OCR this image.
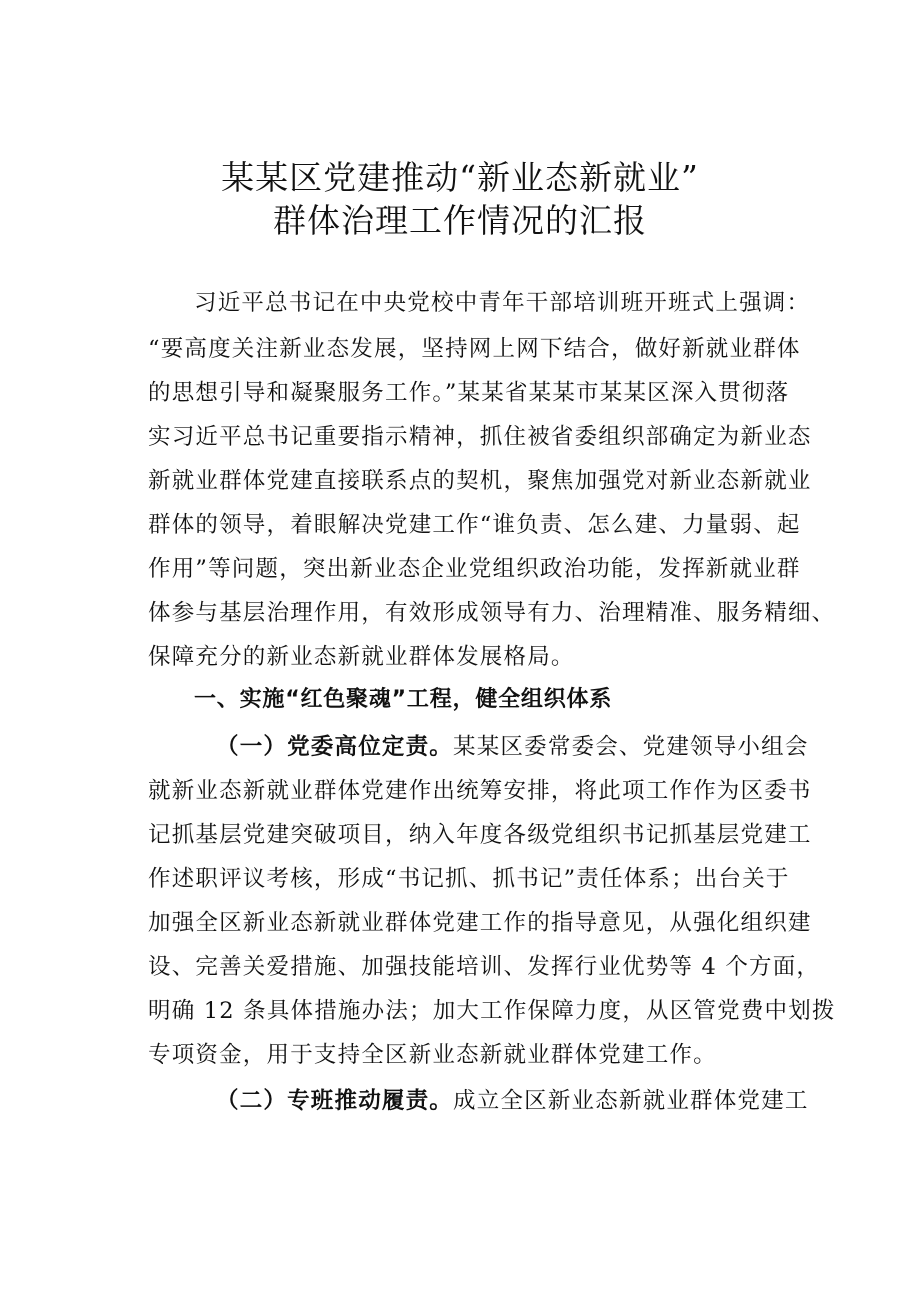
某某区党建推动“新业态新就业”
群体治理工作情况的汇报

习近平总书记在中央党校中青年干部培训班开班式上强调：

“要高度关注新业态发展，坚持网上网下结合，做好新就业群体

的思想引导和凝聚服务工作。”某某省某某市某某区深入贯彻落

实习近平总书记重要指示精神，抓住被省委组织部确定为新业态

新就业群体党建直接联系点的契机，聚焦加强党对新业态新就业

群体的领导，着眼解决党建工作“谁负责、怎么建、力量弱、起

作用”等问题，突出新业态企业党组织政治功能，发挥新就业群

体参与基层治理作用，有效形成领导有力、治理精准、服务精细、

保障充分的新业态新就业群体发展格局。

一、实施“红色聚魂”工程，健全组织体系

（一）党委高位定责。某某区委常委会、党建领导小组会

就新业态新就业群体党建作出统筹安排，将此项工作作为区委书

记抓基层党建突破项目，纳入年度各级党组织书记抓基层党建工

作述职评议考核，形成“书记抓、抓书记”责任体系；出台关于

加强全区新业态新就业群体党建工作的指导意见，从强化组织建

设、完善关爱措施、加强技能培训、发挥行业优势等 4 个方面，

明确 12 条具体措施办法；加大工作保障力度，从区管党费中划拨

专项资金，用于支持全区新业态新就业群体党建工作。

（二）专班推动履责。成立全区新业态新就业群体党建工
